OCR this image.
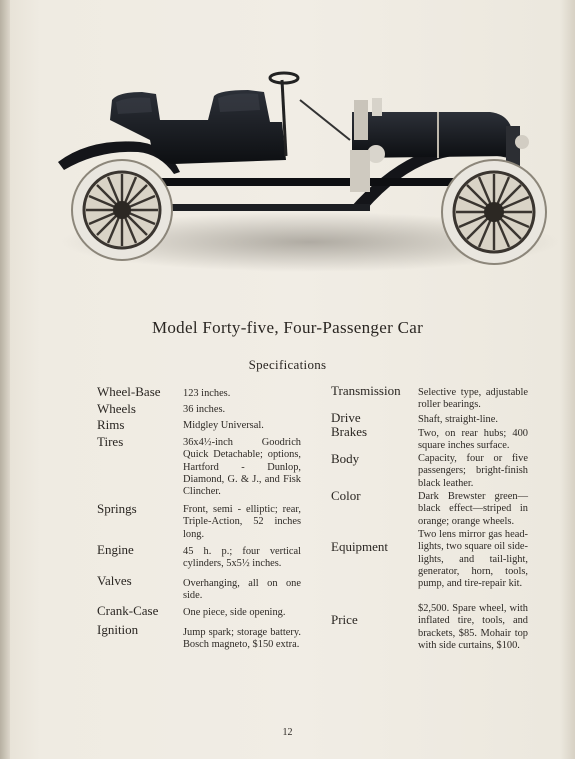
Model Forty-five, Four-Passenger Car
Specifications
Wheel-Base
Wheels
Rims
Tires
Springs
Engine
Valves
Crank-Case
Ignition
123 inches.
36 inches.
Midgley Universal.
36x4½-inch Goodrich Quick Detachable; options, Hartford - Dunlop, Diamond, G. & J., and Fisk Clincher.
Front, semi - elliptic; rear, Triple-Action, 52 inches long.
45 h. p.; four vertical cylinders, 5x5½ inches.
Overhanging, all on one side.
One piece, side opening.
Jump spark; storage battery. Bosch magneto, $150 extra.
Transmission
Drive
Brakes
Body
Color
Equipment
Price
Selective type, adjustable roller bearings.
Shaft, straight-line.
Two, on rear hubs; 400 square inches surface.
Capacity, four or five passengers; bright-finish black leather.
Dark Brewster green—black effect—striped in orange; orange wheels.
Two lens mirror gas head-lights, two square oil side-lights, and tail-light, generator, horn, tools, pump, and tire-repair kit.
$2,500. Spare wheel, with inflated tire, tools, and brackets, $85. Mohair top with side curtains, $100.
12
